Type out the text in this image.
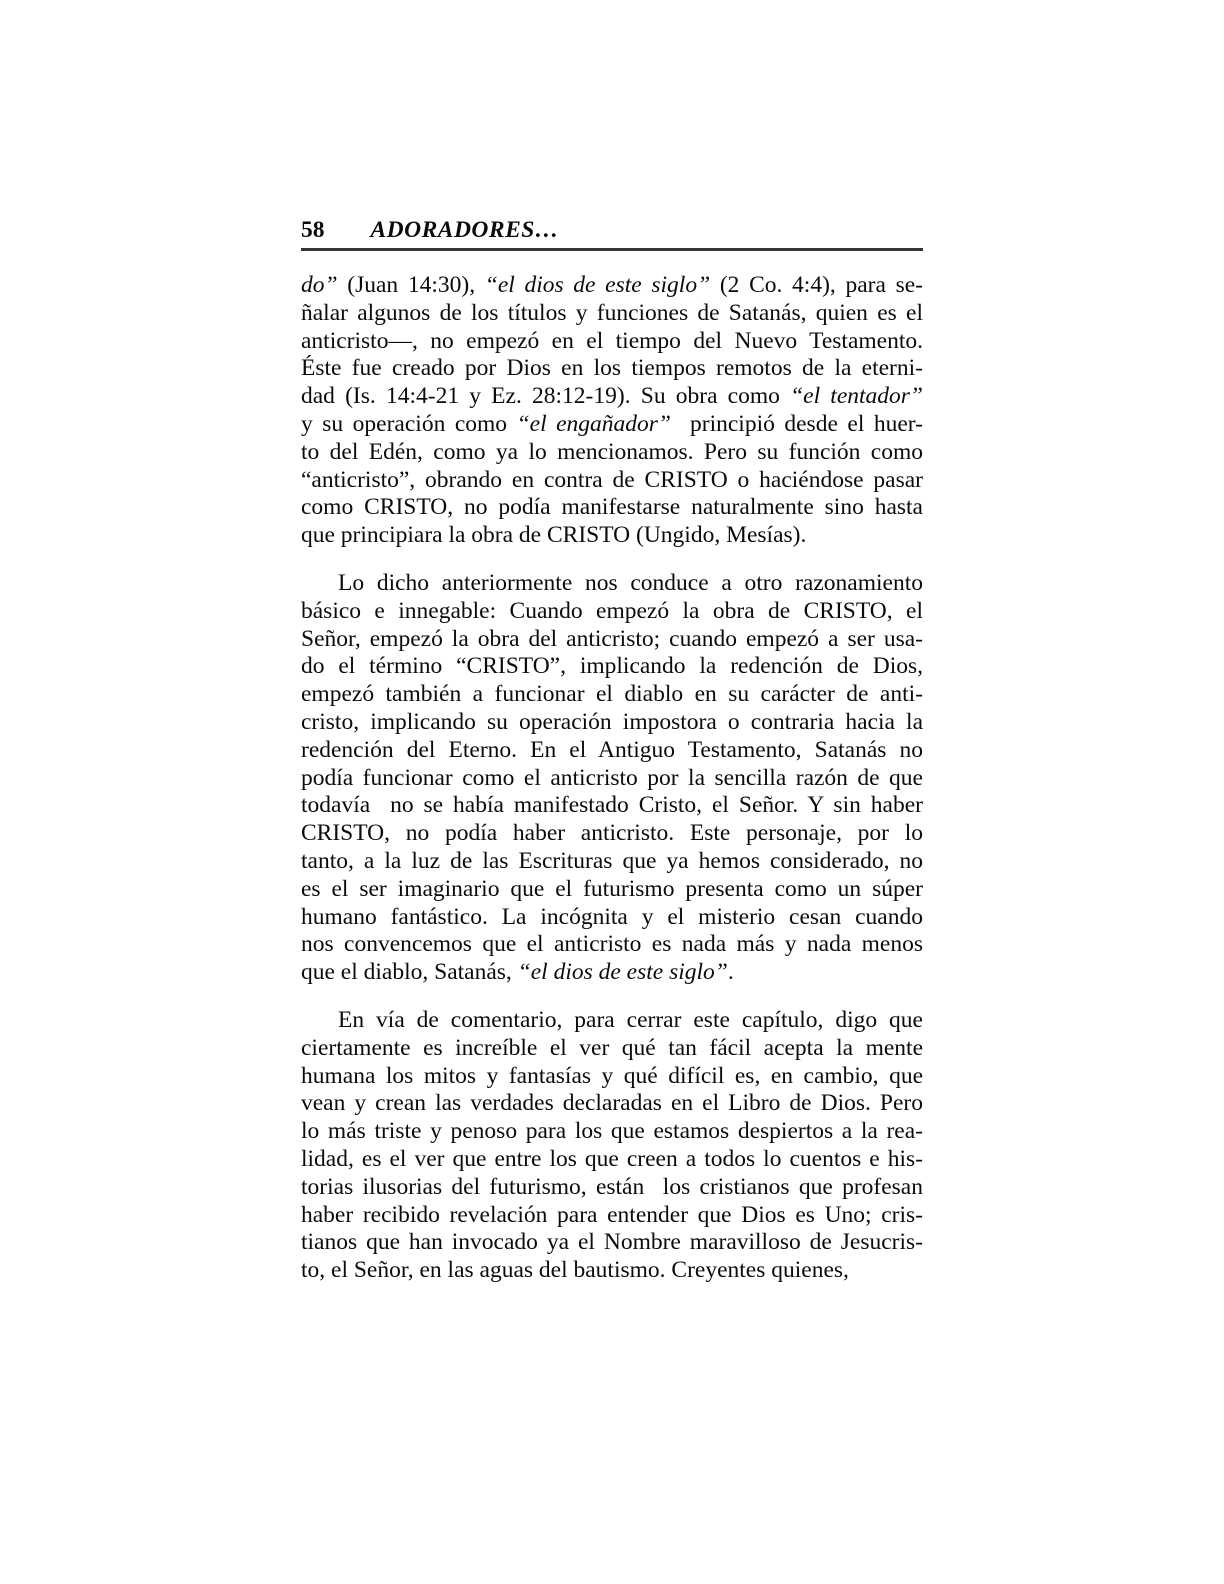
58 ADORADORES…
do” (Juan 14:30), “el dios de este siglo” (2 Co. 4:4), para se-
ñalar algunos de los títulos y funciones de Satanás, quien es el
anticristo—, no empezó en el tiempo del Nuevo Testamento.
Éste fue creado por Dios en los tiempos remotos de la eterni-
dad (Is. 14:4-21 y Ez. 28:12-19). Su obra como “el tentador”
y su operación como “el engañador”  principió desde el huer-
to del Edén, como ya lo mencionamos. Pero su función como
“anticristo”, obrando en contra de CRISTO o haciéndose pasar
como CRISTO, no podía manifestarse naturalmente sino hasta
que principiara la obra de CRISTO (Ungido, Mesías).
Lo dicho anteriormente nos conduce a otro razonamiento
básico e innegable: Cuando empezó la obra de CRISTO, el
Señor, empezó la obra del anticristo; cuando empezó a ser usa-
do el término “CRISTO”, implicando la redención de Dios,
empezó también a funcionar el diablo en su carácter de anti-
cristo, implicando su operación impostora o contraria hacia la
redención del Eterno. En el Antiguo Testamento, Satanás no
podía funcionar como el anticristo por la sencilla razón de que
todavía  no se había manifestado Cristo, el Señor. Y sin haber
CRISTO, no podía haber anticristo. Este personaje, por lo
tanto, a la luz de las Escrituras que ya hemos considerado, no
es el ser imaginario que el futurismo presenta como un súper
humano fantástico. La incógnita y el misterio cesan cuando
nos convencemos que el anticristo es nada más y nada menos
que el diablo, Satanás, “el dios de este siglo”.
En vía de comentario, para cerrar este capítulo, digo que
ciertamente es increíble el ver qué tan fácil acepta la mente
humana los mitos y fantasías y qué difícil es, en cambio, que
vean y crean las verdades declaradas en el Libro de Dios. Pero
lo más triste y penoso para los que estamos despiertos a la rea-
lidad, es el ver que entre los que creen a todos lo cuentos e his-
torias ilusorias del futurismo, están  los cristianos que profesan
haber recibido revelación para entender que Dios es Uno; cris-
tianos que han invocado ya el Nombre maravilloso de Jesucris-
to, el Señor, en las aguas del bautismo. Creyentes quienes,
